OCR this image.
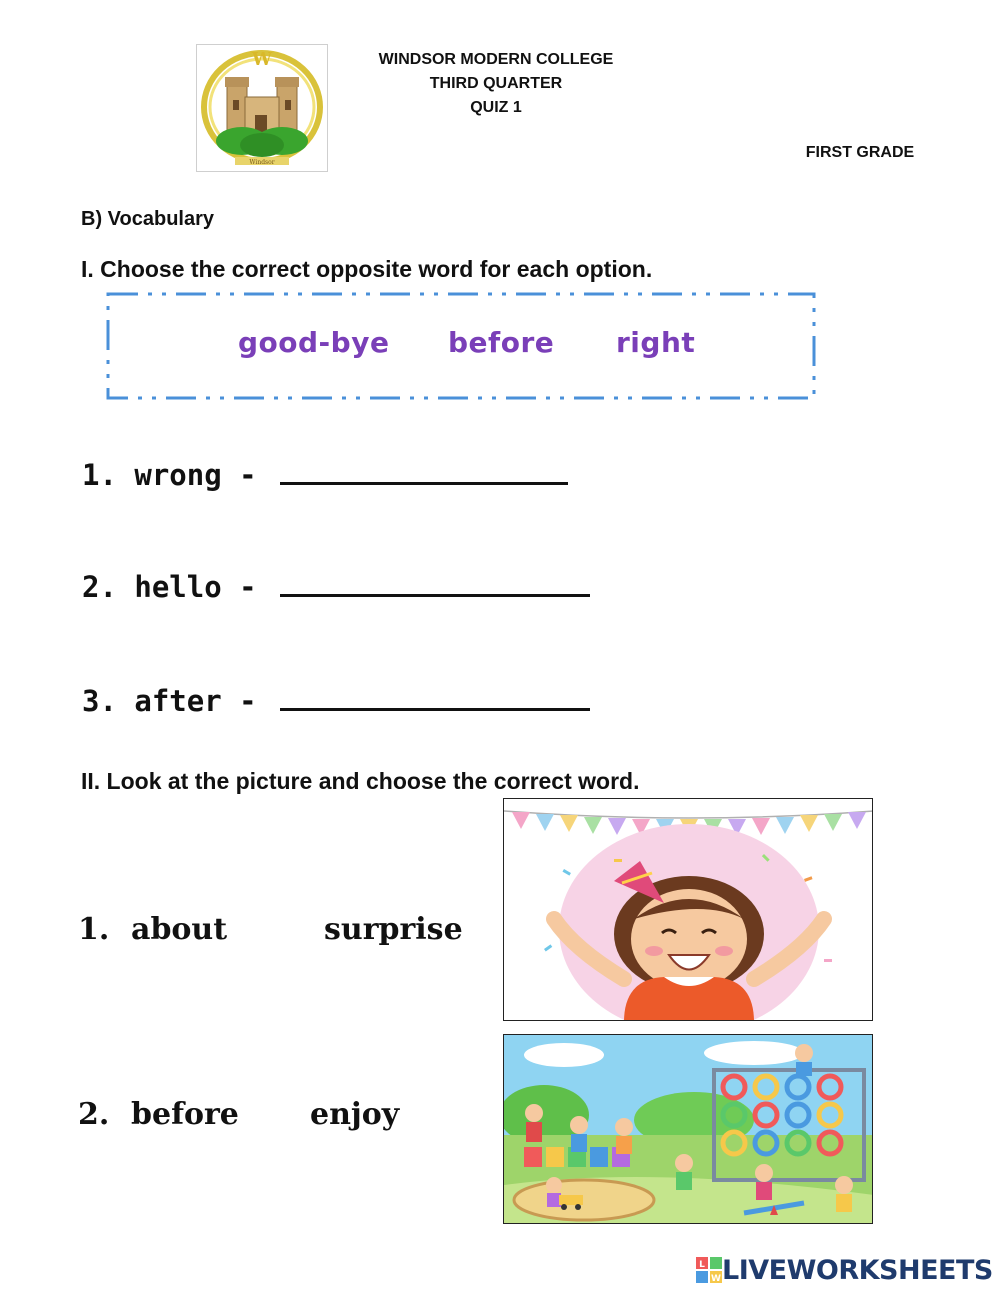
W
Windsor
WINDSOR MODERN COLLEGE
THIRD QUARTER
QUIZ 1
FIRST GRADE
B) Vocabulary
I. Choose the correct opposite word for each option.
good-bye before right
1. wrong -
2. hello -
3. after -
II. Look at the picture and choose the correct word.
1. about	surprise
2. before enjoy
L
W LIVEWORKSHEETS
